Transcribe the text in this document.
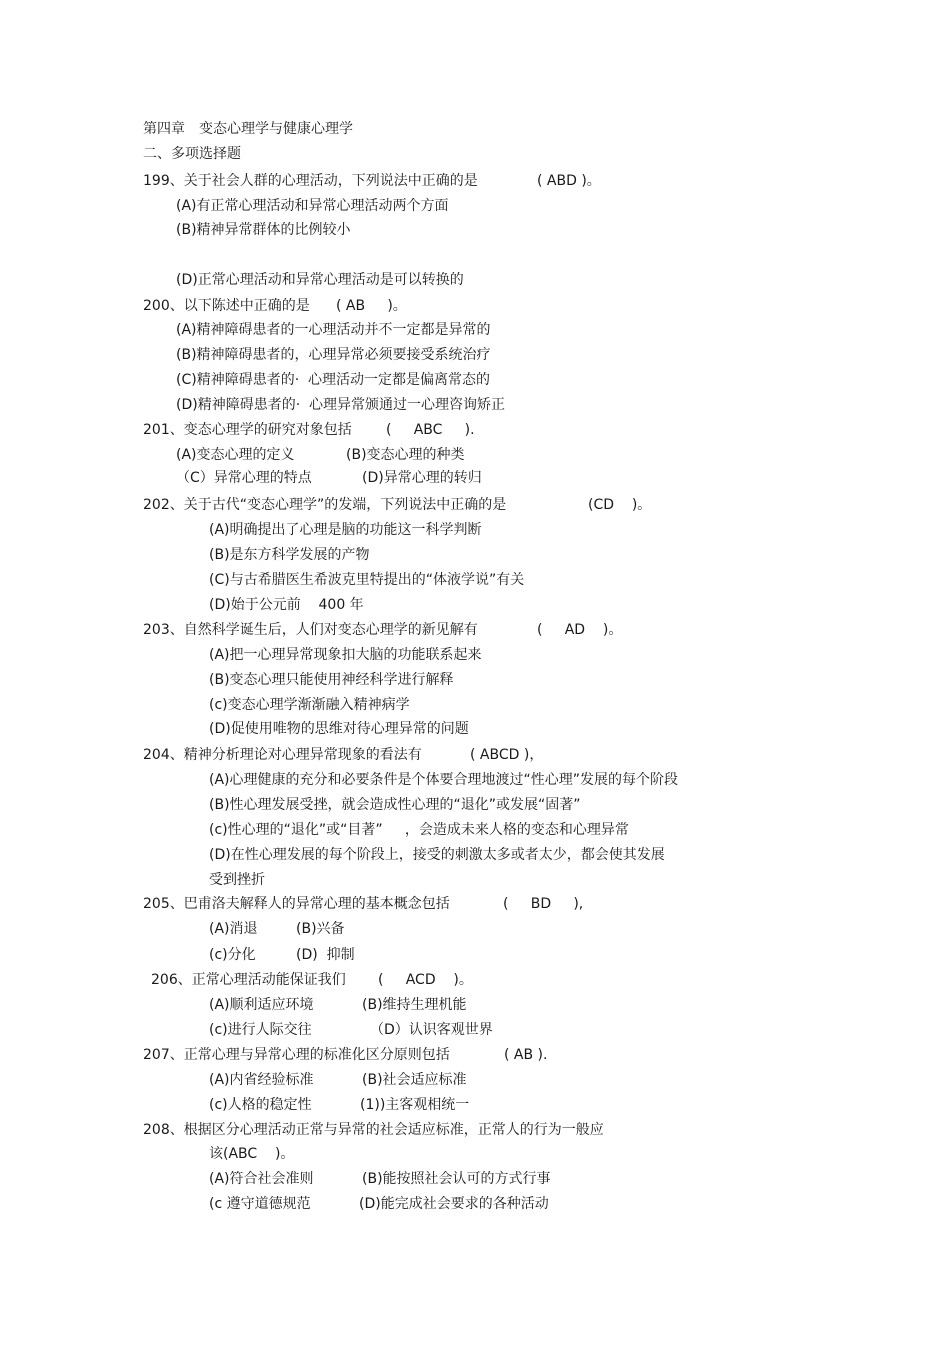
第四章 变态心理学与健康心理学
二、多项选择题
199、关于社会人群的心理活动，下列说法中正确的是	( ABD )。
(A)有正常心理活动和异常心理活动两个方面
(B)精神异常群体的比例较小
(D)正常心理活动和异常心理活动是可以转换的
200、以下陈述中正确的是 ( AB     )。
(A)精神障碍患者的一心理活动并不一定都是异常的
(B)精神障碍患者的，心理异常必须要接受系统治疗
(C)精神障碍患者的·  心理活动一定都是偏离常态的
(D)精神障碍患者的·  心理异常颁通过一心理咨询矫正
201、变态心理学的研究对象包括 (     ABC     ).
(A)变态心理的定义	(B)变态心理的种类
（C）异常心理的特点	(D)异常心理的转归
202、关于古代“变态心理学”的发端，下列说法中正确的是	(CD    )。
(A)明确提出了心理是脑的功能这一科学判断
(B)是东方科学发展的产物
(C)与古希腊医生希波克里特提出的“体液学说”有关
(D)始于公元前    400 年
203、自然科学诞生后，人们对变态心理学的新见解有	(     AD    )。
(A)把一心理异常现象扣大脑的功能联系起来
(B)变态心理只能使用神经科学进行解释
(c)变态心理学渐渐融入精神病学
(D)促使用唯物的思维对待心理异常的问题
204、精神分析理论对心理异常现象的看法有	( ABCD )，
(A)心理健康的充分和必要条件是个体要合理地渡过“性心理”发展的每个阶段
(B)性心理发展受挫，就会造成性心理的“退化”或发展“固著”
(c)性心理的“退化”或“目著”     ，会造成未来人格的变态和心理异常
(D)在性心理发展的每个阶段上，接受的刺激太多或者太少，都会使其发展
受到挫折
205、巴甫洛夫解释人的异常心理的基本概念包括	(     BD     ),
(A)消退	(B)兴备
(c)分化	(D)  抑制
206、正常心理活动能保证我们 (     ACD    )。
(A)顺利适应环境	(B)维持生理机能
(c)进行人际交往	（D）认识客观世界
207、正常心理与异常心理的标准化区分原则包括	( AB ).
(A)内省经验标准	(B)社会适应标准
(c)人格的稳定性	(1))主客观相统一
208、根据区分心理活动正常与异常的社会适应标准，正常人的行为一般应
该(ABC    )。
(A)符合社会准则	(B)能按照社会认可的方式行事
(c 遵守道德规范	(D)能完成社会要求的各种活动
